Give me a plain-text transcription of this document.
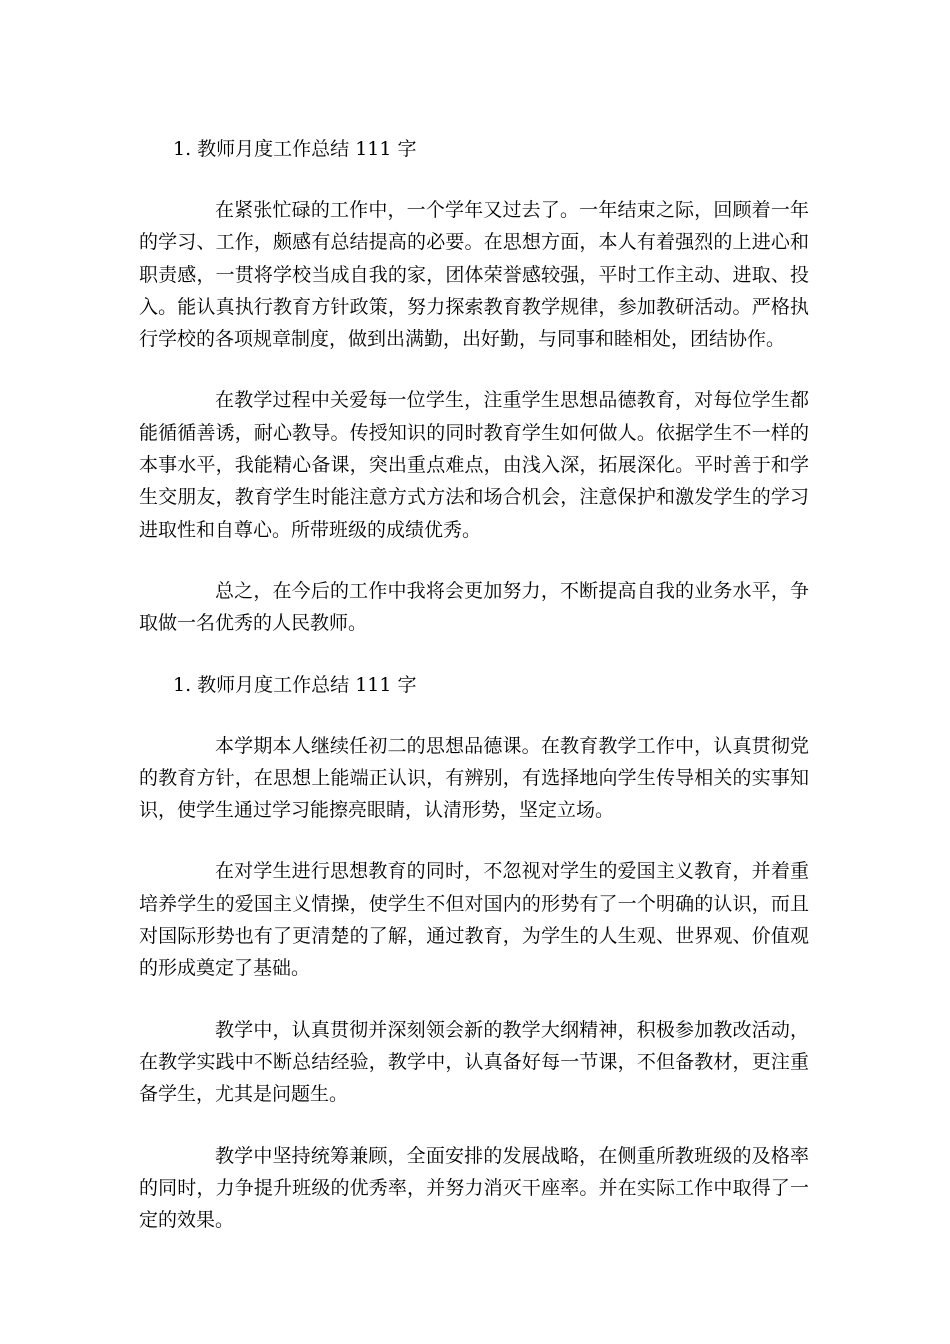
1. 教师月度工作总结 111 字

在紧张忙碌的工作中，一个学年又过去了。一年结束之际，回顾着一年的学习、工作，颇感有总结提高的必要。在思想方面，本人有着强烈的上进心和职责感，一贯将学校当成自我的家，团体荣誉感较强，平时工作主动、进取、投入。能认真执行教育方针政策，努力探索教育教学规律，参加教研活动。严格执行学校的各项规章制度，做到出满勤，出好勤，与同事和睦相处，团结协作。

在教学过程中关爱每一位学生，注重学生思想品德教育，对每位学生都能循循善诱，耐心教导。传授知识的同时教育学生如何做人。依据学生不一样的本事水平，我能精心备课，突出重点难点，由浅入深，拓展深化。平时善于和学生交朋友，教育学生时能注意方式方法和场合机会，注意保护和激发学生的学习进取性和自尊心。所带班级的成绩优秀。

总之，在今后的工作中我将会更加努力，不断提高自我的业务水平，争取做一名优秀的人民教师。

1. 教师月度工作总结 111 字

本学期本人继续任初二的思想品德课。在教育教学工作中，认真贯彻党的教育方针，在思想上能端正认识，有辨别，有选择地向学生传导相关的实事知识，使学生通过学习能擦亮眼睛，认清形势，坚定立场。

在对学生进行思想教育的同时，不忽视对学生的爱国主义教育，并着重培养学生的爱国主义情操，使学生不但对国内的形势有了一个明确的认识，而且对国际形势也有了更清楚的了解，通过教育，为学生的人生观、世界观、价值观的形成奠定了基础。

教学中，认真贯彻并深刻领会新的教学大纲精神，积极参加教改活动，在教学实践中不断总结经验，教学中，认真备好每一节课，不但备教材，更注重备学生，尤其是问题生。

教学中坚持统筹兼顾，全面安排的发展战略，在侧重所教班级的及格率的同时，力争提升班级的优秀率，并努力消灭干座率。并在实际工作中取得了一定的效果。
